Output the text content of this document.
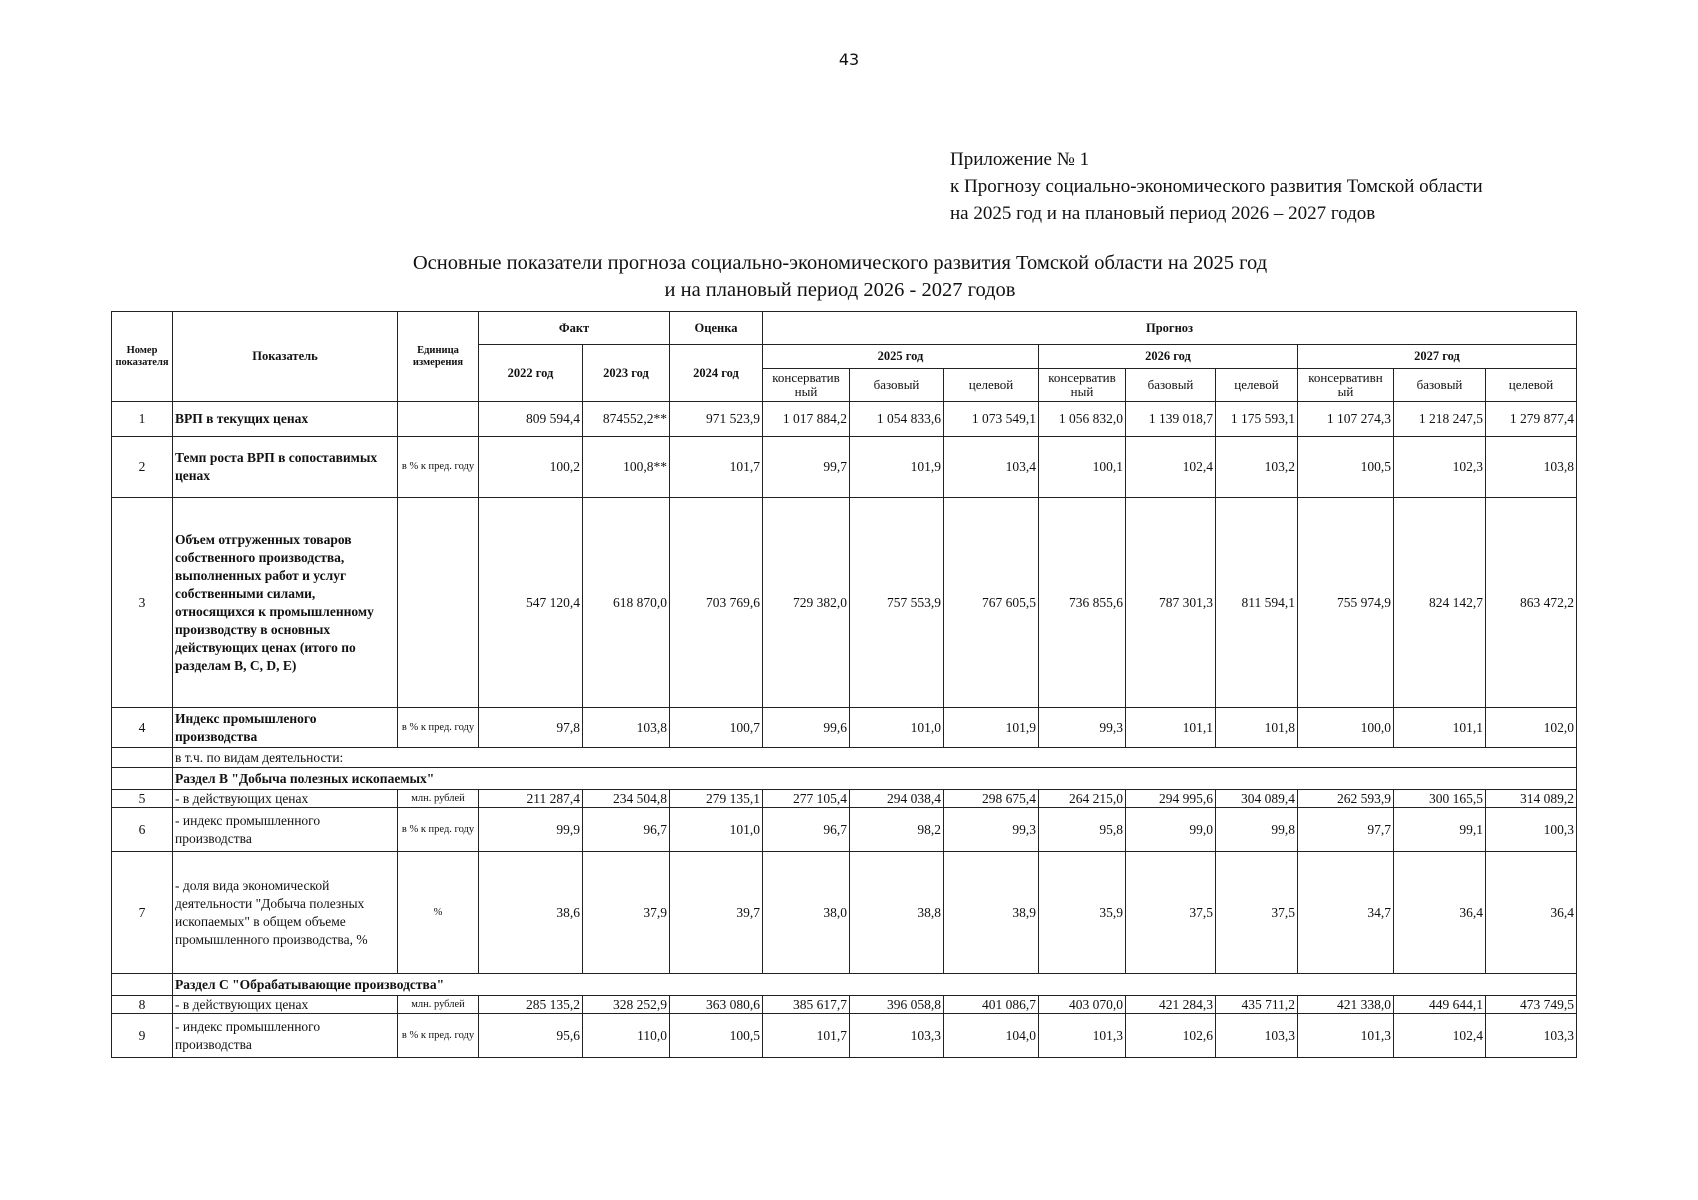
43
Приложение № 1
к Прогнозу социально-экономического развития Томской области
на 2025 год и на плановый период 2026 – 2027 годов
Основные показатели прогноза социально-экономического развития Томской области на 2025 год
и на плановый период 2026 - 2027 годов
Номер показателя	Показатель	Единица измерения	Факт		Оценка	Прогноз								
			2022 год	2023 год	2024 год	2025 год			2026 год			2027 год		
						консерватив ный	базовый	целевой	консерватив ный	базовый	целевой	консервативн ый	базовый	целевой
1	ВРП в текущих ценах		809 594,4	874552,2**	971 523,9	1 017 884,2	1 054 833,6	1 073 549,1	1 056 832,0	1 139 018,7	1 175 593,1	1 107 274,3	1 218 247,5	1 279 877,4
2	Темп роста ВРП в сопоставимых ценах	в % к пред. году	100,2	100,8**	101,7	99,7	101,9	103,4	100,1	102,4	103,2	100,5	102,3	103,8
3	Объем отгруженных товаров собственного производства, выполненных работ и услуг собственными силами, относящихся к промышленному производству в основных действующих ценах (итого по разделам B, C, D, E)		547 120,4	618 870,0	703 769,6	729 382,0	757 553,9	767 605,5	736 855,6	787 301,3	811 594,1	755 974,9	824 142,7	863 472,2
4	Индекс промышленого производства	в % к пред. году	97,8	103,8	100,7	99,6	101,0	101,9	99,3	101,1	101,8	100,0	101,1	102,0
	в т.ч. по видам деятельности:													
	Раздел B "Добыча полезных ископаемых"													
5	- в действующих ценах	млн. рублей	211 287,4	234 504,8	279 135,1	277 105,4	294 038,4	298 675,4	264 215,0	294 995,6	304 089,4	262 593,9	300 165,5	314 089,2
6	- индекс промышленного производства	в % к пред. году	99,9	96,7	101,0	96,7	98,2	99,3	95,8	99,0	99,8	97,7	99,1	100,3
7	- доля вида экономической деятельности "Добыча полезных ископаемых" в общем объеме промышленного производства, %	%	38,6	37,9	39,7	38,0	38,8	38,9	35,9	37,5	37,5	34,7	36,4	36,4
	Раздел C "Обрабатывающие производства"													
8	- в действующих ценах	млн. рублей	285 135,2	328 252,9	363 080,6	385 617,7	396 058,8	401 086,7	403 070,0	421 284,3	435 711,2	421 338,0	449 644,1	473 749,5
9	- индекс промышленного производства	в % к пред. году	95,6	110,0	100,5	101,7	103,3	104,0	101,3	102,6	103,3	101,3	102,4	103,3
